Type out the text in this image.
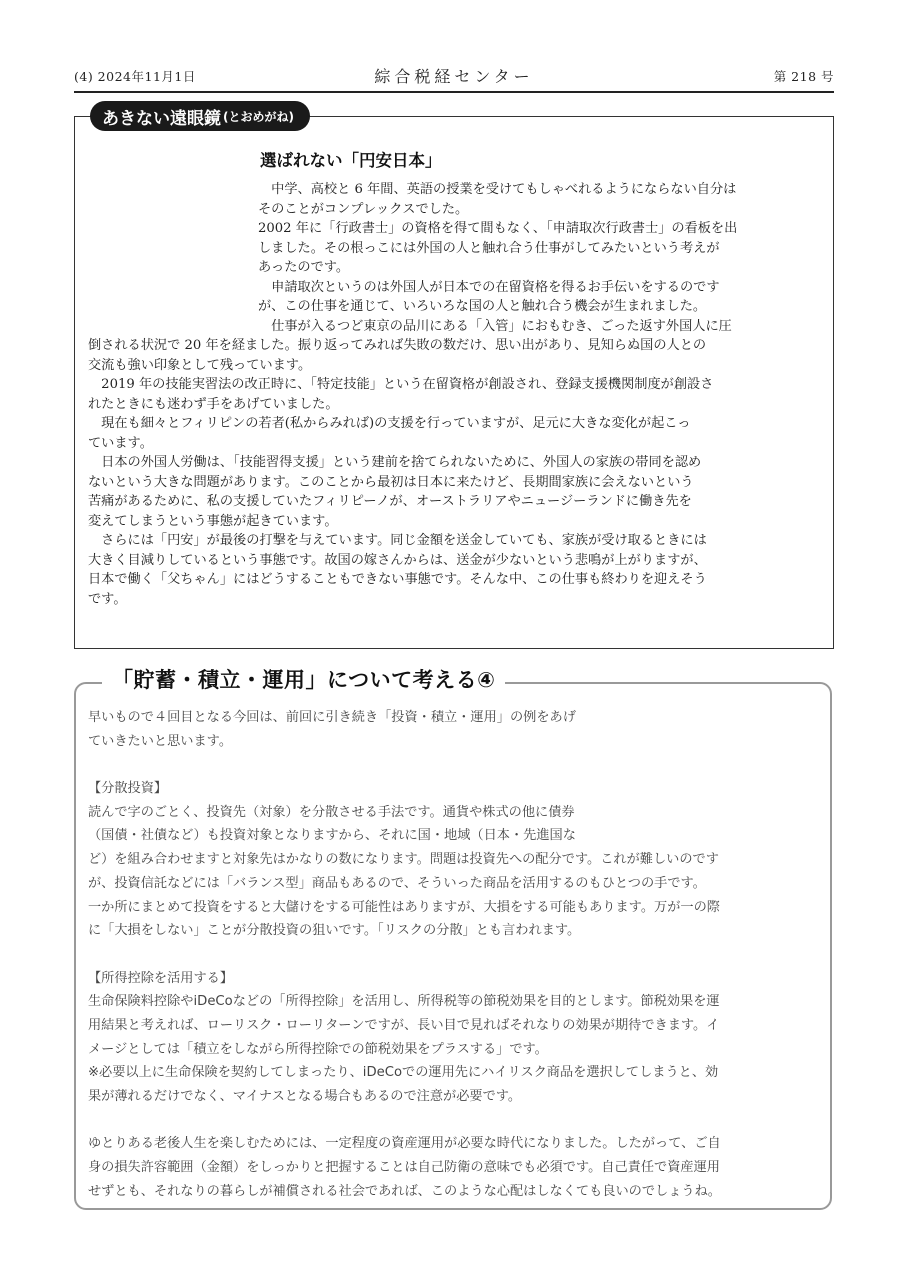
(4) 2024年11月1日	綜合税経センター	第 218 号
あきない遠眼鏡 (とおめがね)
選ばれない「円安日本」
　中学、高校と 6 年間、英語の授業を受けてもしゃべれるようにならない自分は
そのことがコンプレックスでした。
2002 年に「行政書士」の資格を得て間もなく、「申請取次行政書士」の看板を出
しました。その根っこには外国の人と触れ合う仕事がしてみたいという考えが
あったのです。
　申請取次というのは外国人が日本での在留資格を得るお手伝いをするのです
が、この仕事を通じて、いろいろな国の人と触れ合う機会が生まれました。
　仕事が入るつど東京の品川にある「入管」におもむき、ごった返す外国人に圧
倒される状況で 20 年を経ました。振り返ってみれば失敗の数だけ、思い出があり、見知らぬ国の人との
交流も強い印象として残っています。
　2019 年の技能実習法の改正時に、「特定技能」という在留資格が創設され、登録支援機関制度が創設さ
れたときにも迷わず手をあげていました。
　現在も細々とフィリピンの若者(私からみれば)の支援を行っていますが、足元に大きな変化が起こっ
ています。
　日本の外国人労働は、「技能習得支援」という建前を捨てられないために、外国人の家族の帯同を認め
ないという大きな問題があります。このことから最初は日本に来たけど、長期間家族に会えないという
苦痛があるために、私の支援していたフィリピーノが、オーストラリアやニュージーランドに働き先を
変えてしまうという事態が起きています。
　さらには「円安」が最後の打撃を与えています。同じ金額を送金していても、家族が受け取るときには
大きく目減りしているという事態です。故国の嫁さんからは、送金が少ないという悲鳴が上がりますが、
日本で働く「父ちゃん」にはどうすることもできない事態です。そんな中、この仕事も終わりを迎えそう
です。
「貯蓄・積立・運用」について考える④
早いもので４回目となる今回は、前回に引き続き「投資・積立・運用」の例をあげ
ていきたいと思います。
【分散投資】
読んで字のごとく、投資先（対象）を分散させる手法です。通貨や株式の他に債券
（国債・社債など）も投資対象となりますから、それに国・地域（日本・先進国な
ど）を組み合わせますと対象先はかなりの数になります。問題は投資先への配分です。これが難しいのです
が、投資信託などには「バランス型」商品もあるので、そういった商品を活用するのもひとつの手です。
一か所にまとめて投資をすると大儲けをする可能性はありますが、大損をする可能もあります。万が一の際
に「大損をしない」ことが分散投資の狙いです。「リスクの分散」とも言われます。
【所得控除を活用する】
生命保険料控除やiDeCoなどの「所得控除」を活用し、所得税等の節税効果を目的とします。節税効果を運
用結果と考えれば、ローリスク・ローリターンですが、長い目で見ればそれなりの効果が期待できます。イ
メージとしては「積立をしながら所得控除での節税効果をプラスする」です。
※必要以上に生命保険を契約してしまったり、iDeCoでの運用先にハイリスク商品を選択してしまうと、効
果が薄れるだけでなく、マイナスとなる場合もあるので注意が必要です。
ゆとりある老後人生を楽しむためには、一定程度の資産運用が必要な時代になりました。したがって、ご自
身の損失許容範囲（金額）をしっかりと把握することは自己防衛の意味でも必須です。自己責任で資産運用
せずとも、それなりの暮らしが補償される社会であれば、このような心配はしなくても良いのでしょうね。
